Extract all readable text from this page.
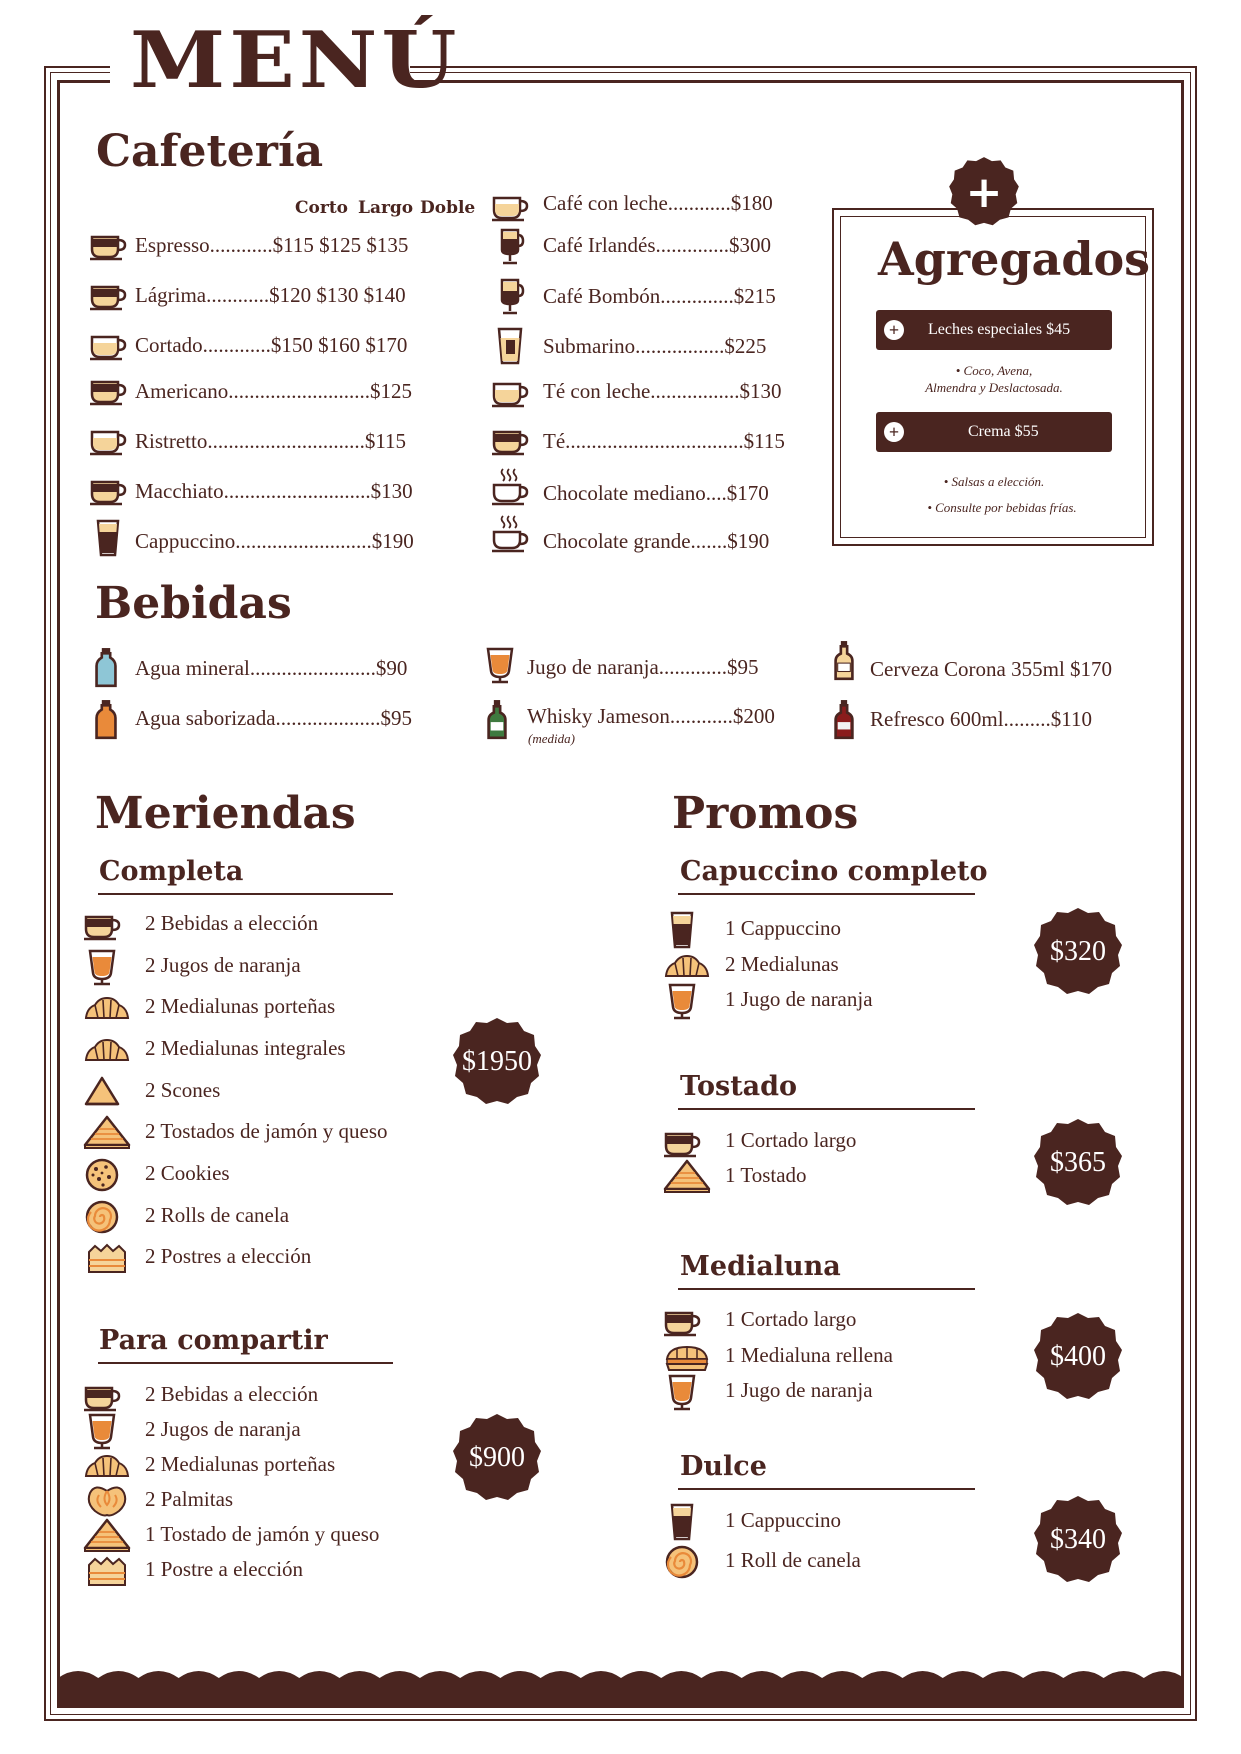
MENÚ
Cafetería
Corto Largo Doble
Espresso............$115 $125 $135
Lágrima............$120 $130 $140
Cortado.............$150 $160 $170
Americano...........................$125
Ristretto..............................$115
Macchiato............................$130
Cappuccino..........................$190
Café con leche............$180
Café Irlandés..............$300
Café Bombón..............$215
Submarino.................$225
Té con leche.................$130
Té..................................$115
Chocolate mediano....$170
Chocolate grande.......$190
+
Agregados
+	Leches especiales $45
• Coco, Avena,
Almendra y Deslactosada.
+	Crema $55
• Salsas a elección.
• Consulte por bebidas frías.
Bebidas
Agua mineral........................$90
Agua saborizada....................$95
Jugo de naranja.............$95
Whisky Jameson............$200
(medida)
Cerveza Corona 355ml $170
Refresco 600ml.........$110
Meriendas
Completa
$1950
Para compartir
$900
Promos
2 Bebidas a elección
2 Jugos de naranja
2 Medialunas porteñas
2 Medialunas integrales
2 Scones
2 Tostados de jamón y queso
2 Cookies
2 Rolls de canela
2 Postres a elección
2 Bebidas a elección
2 Jugos de naranja
2 Medialunas porteñas
2 Palmitas
1 Tostado de jamón y queso
1 Postre a elección
Capuccino completo
1 Cappuccino
2 Medialunas
1 Jugo de naranja
$320
Tostado
1 Cortado largo
1 Tostado	$365
Medialuna
1 Cortado largo
1 Medialuna rellena
1 Jugo de naranja
$400
Dulce
1 Cappuccino
1 Roll de canela
$340
